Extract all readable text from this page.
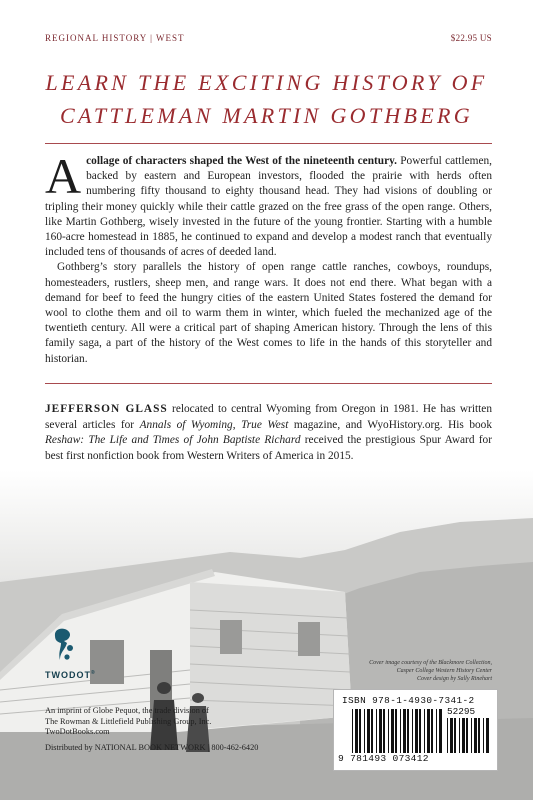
REGIONAL HISTORY | WEST	$22.95 US
LEARN THE EXCITING HISTORY OF
CATTLEMAN MARTIN GOTHBERG

Acollage of characters shaped the West of the nineteenth century. Powerful cattlemen, backed by eastern and European investors, flooded the prairie with herds often numbering fifty thousand to eighty thousand head. They had visions of doubling or tripling their money quickly while their cattle grazed on the free grass of the open range. Others, like Martin Gothberg, wisely invested in the future of the young frontier. Starting with a humble 160-acre homestead in 1885, he continued to expand and develop a modest ranch that eventually included tens of thousands of acres of deeded land.

Gothberg’s story parallels the history of open range cattle ranches, cowboys, roundups, homesteaders, rustlers, sheep men, and range wars. It does not end there. What began with a demand for beef to feed the hungry cities of the eastern United States fostered the demand for wool to clothe them and oil to warm them in winter, which fueled the mechanized age of the twentieth century. All were a critical part of shaping American history. Through the lens of this family saga, a part of the history of the West comes to life in the hands of this storyteller and historian.

JEFFERSON GLASS relocated to central Wyoming from Oregon in 1981. He has written several articles for Annals of Wyoming, True West magazine, and WyoHistory.org. His book Reshaw: The Life and Times of John Baptiste Richard received the prestigious Spur Award for best first nonfiction book from Western Writers of America in 2015.
TWODOT®
An imprint of Globe Pequot, the trade division of
The Rowman & Littlefield Publishing Group, Inc.
TwoDotBooks.com
Distributed by NATIONAL BOOK NETWORK | 800-462-6420
Cover image courtesy of the Blackmore Collection,
Casper College Western History Center
Cover design by Sally Rinehart
ISBN 978-1-4930-7341-2
52295
9 781493 073412
